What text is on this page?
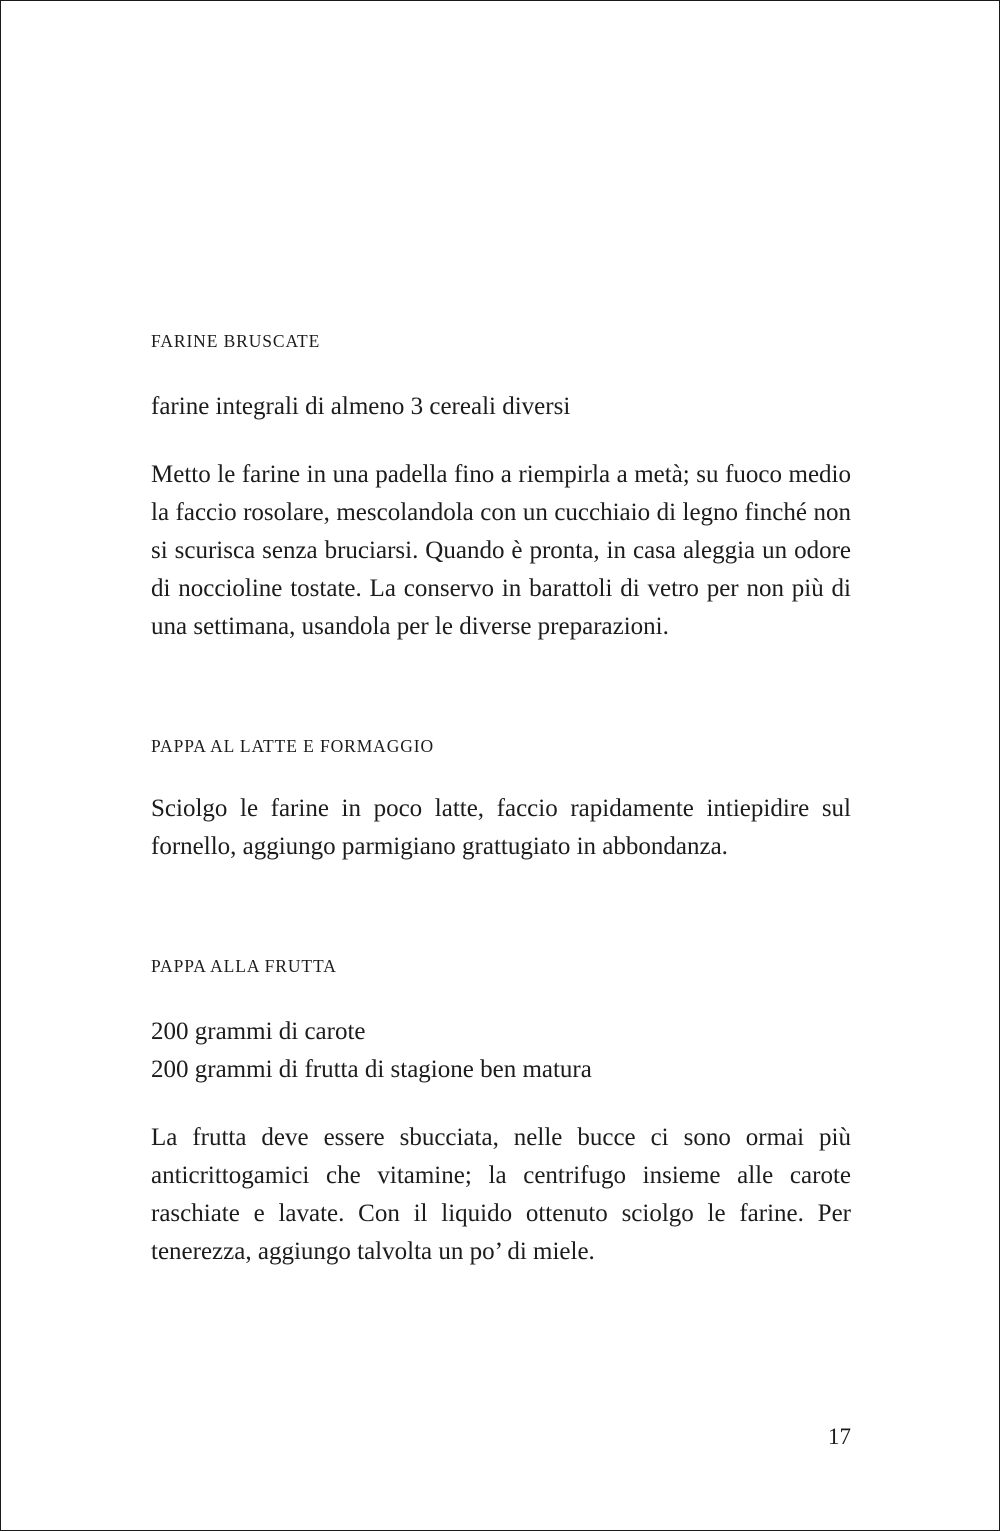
FARINE BRUSCATE

farine integrali di almeno 3 cereali diversi

Metto le farine in una padella fino a riempirla a metà; su fuoco medio la faccio rosolare, mescolandola con un cucchiaio di legno finché non si scurisca senza bruciarsi. Quando è pronta, in casa aleggia un odore di noccioline tostate. La conservo in barattoli di vetro per non più di una settimana, usandola per le diverse preparazioni.

PAPPA AL LATTE E FORMAGGIO

Sciolgo le farine in poco latte, faccio rapidamente intiepidire sul fornello, aggiungo parmigiano grattugiato in abbondanza.

PAPPA ALLA FRUTTA

200 grammi di carote

200 grammi di frutta di stagione ben matura

La frutta deve essere sbucciata, nelle bucce ci sono ormai più anticrittogamici che vitamine; la centrifugo insieme alle carote raschiate e lavate. Con il liquido ottenuto sciolgo le farine. Per tenerezza, aggiungo talvolta un po’ di miele.

17
